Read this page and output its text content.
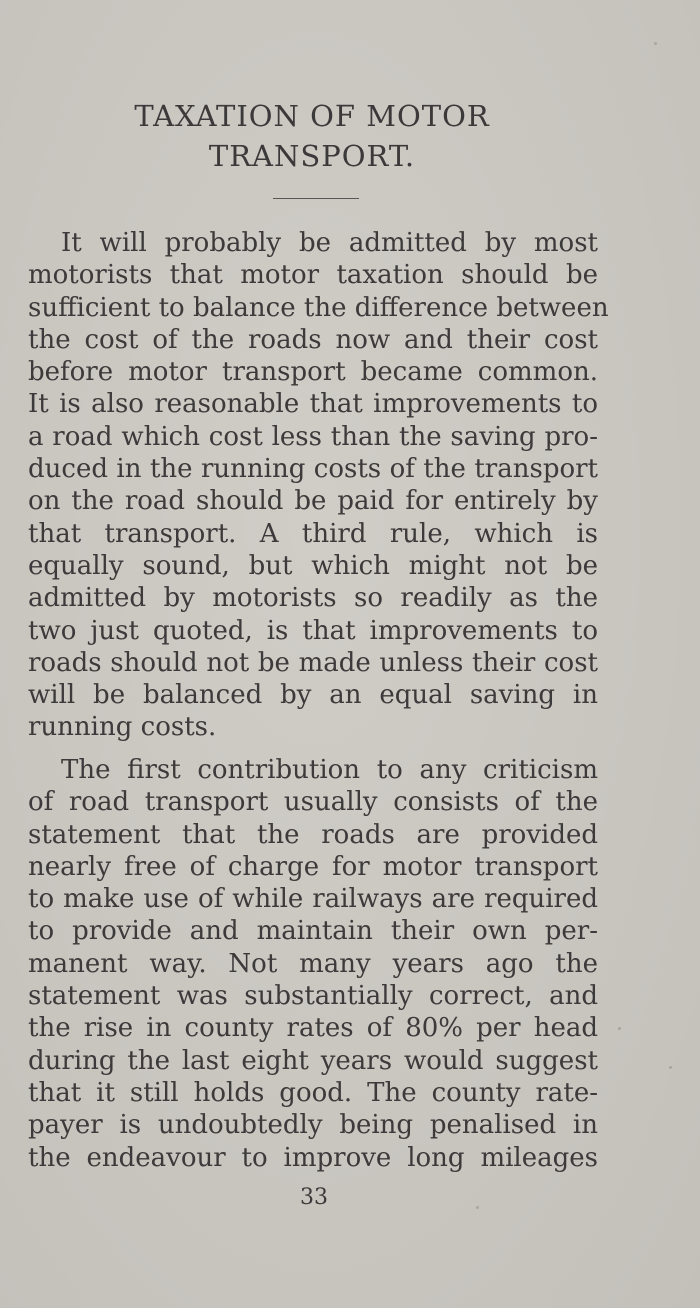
TAXATION OF MOTOR
TRANSPORT.
It will probably be admitted by most
motorists that motor taxation should be
sufficient to balance the difference between
the cost of the roads now and their cost
before motor transport became common.
It is also reasonable that improvements to
a road which cost less than the saving pro-
duced in the running costs of the transport
on the road should be paid for entirely by
that transport. A third rule, which is
equally sound, but which might not be
admitted by motorists so readily as the
two just quoted, is that improvements to
roads should not be made unless their cost
will be balanced by an equal saving in
running costs.
The first contribution to any criticism
of road transport usually consists of the
statement that the roads are provided
nearly free of charge for motor transport
to make use of while railways are required
to provide and maintain their own per-
manent way. Not many years ago the
statement was substantially correct, and
the rise in county rates of 80% per head
during the last eight years would suggest
that it still holds good. The county rate-
payer is undoubtedly being penalised in
the endeavour to improve long mileages
33
